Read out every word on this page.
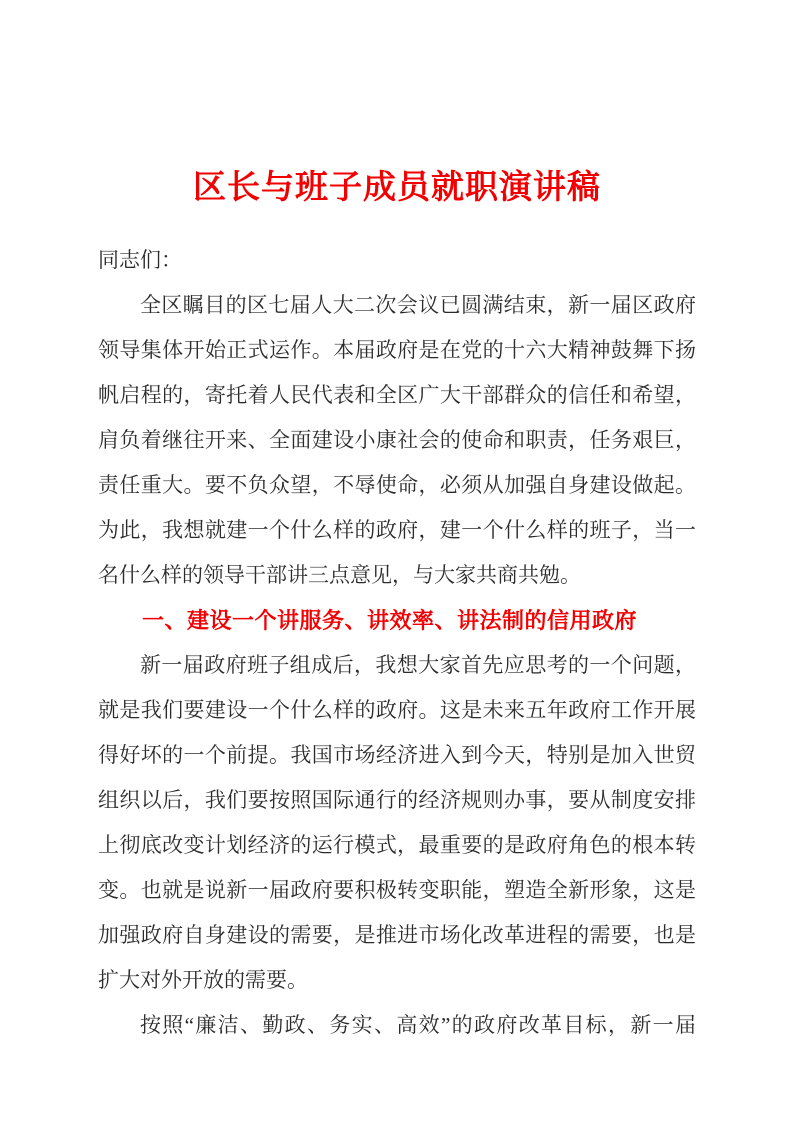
区长与班子成员就职演讲稿

同志们：

全区瞩目的区七届人大二次会议已圆满结束，新一届区政府
领导集体开始正式运作。本届政府是在党的十六大精神鼓舞下扬
帆启程的，寄托着人民代表和全区广大干部群众的信任和希望，
肩负着继往开来、全面建设小康社会的使命和职责，任务艰巨，
责任重大。要不负众望，不辱使命，必须从加强自身建设做起。
为此，我想就建一个什么样的政府，建一个什么样的班子，当一
名什么样的领导干部讲三点意见，与大家共商共勉。

一、建设一个讲服务、讲效率、讲法制的信用政府

新一届政府班子组成后，我想大家首先应思考的一个问题，
就是我们要建设一个什么样的政府。这是未来五年政府工作开展
得好坏的一个前提。我国市场经济进入到今天，特别是加入世贸
组织以后，我们要按照国际通行的经济规则办事，要从制度安排
上彻底改变计划经济的运行模式，最重要的是政府角色的根本转
变。也就是说新一届政府要积极转变职能，塑造全新形象，这是
加强政府自身建设的需要，是推进市场化改革进程的需要，也是
扩大对外开放的需要。

按照“廉洁、勤政、务实、高效”的政府改革目标，新一届
